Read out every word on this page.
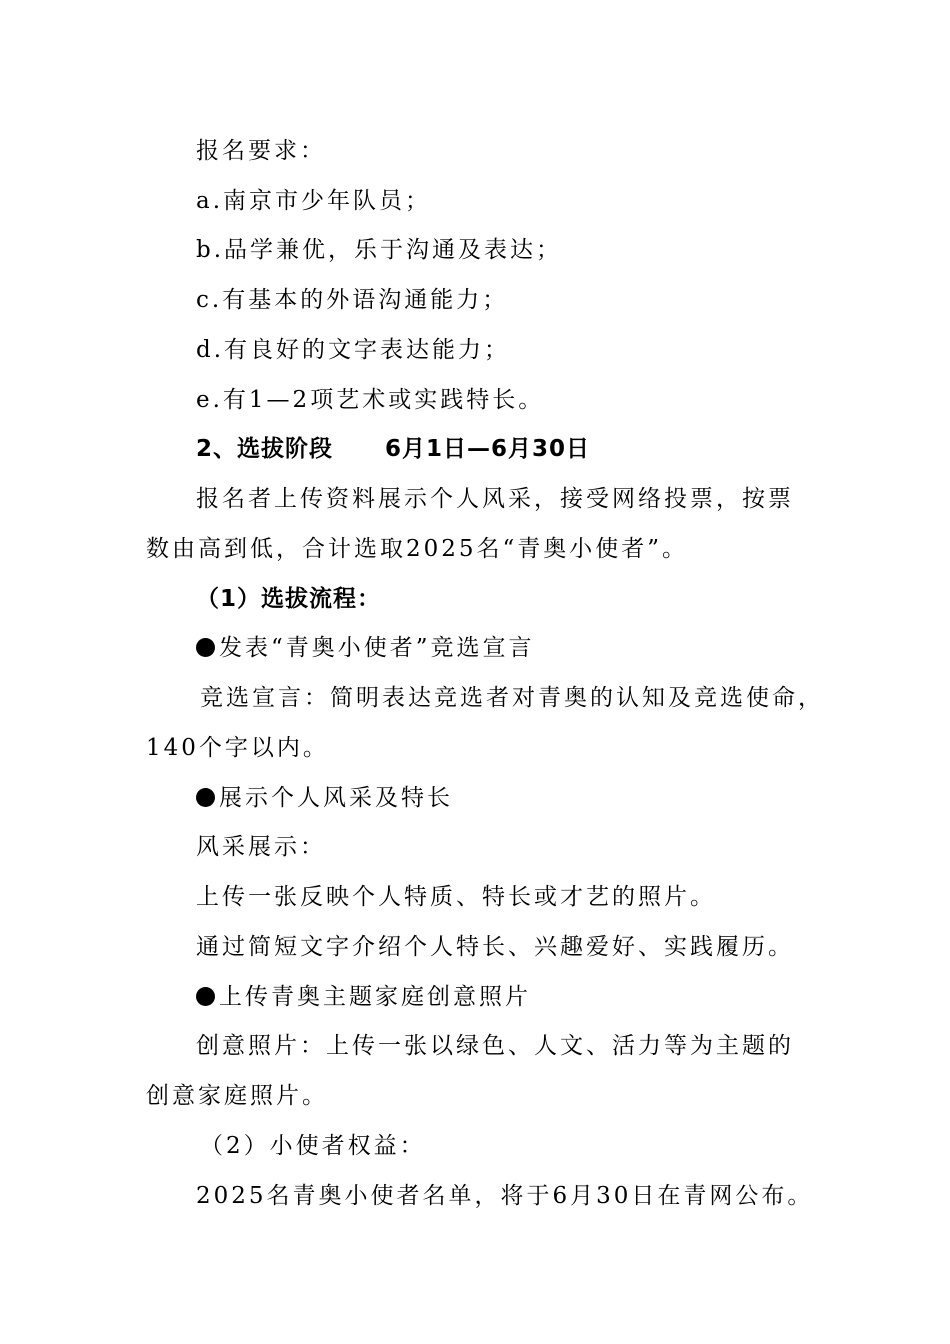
报名要求：
a.南京市少年队员；
b.品学兼优，乐于沟通及表达；
c.有基本的外语沟通能力；
d.有良好的文字表达能力；
e.有1—2项艺术或实践特长。
2、选拔阶段 6月1日—6月30日
报名者上传资料展示个人风采，接受网络投票，按票
数由高到低，合计选取2025名“青奥小使者”。
（1）选拔流程：
发表“青奥小使者”竞选宣言
竞选宣言：简明表达竞选者对青奥的认知及竞选使命，
140个字以内。
展示个人风采及特长
风采展示：
上传一张反映个人特质、特长或才艺的照片。
通过简短文字介绍个人特长、兴趣爱好、实践履历。
上传青奥主题家庭创意照片
创意照片：上传一张以绿色、人文、活力等为主题的
创意家庭照片。
（2）小使者权益：
2025名青奥小使者名单，将于6月30日在青网公布。
